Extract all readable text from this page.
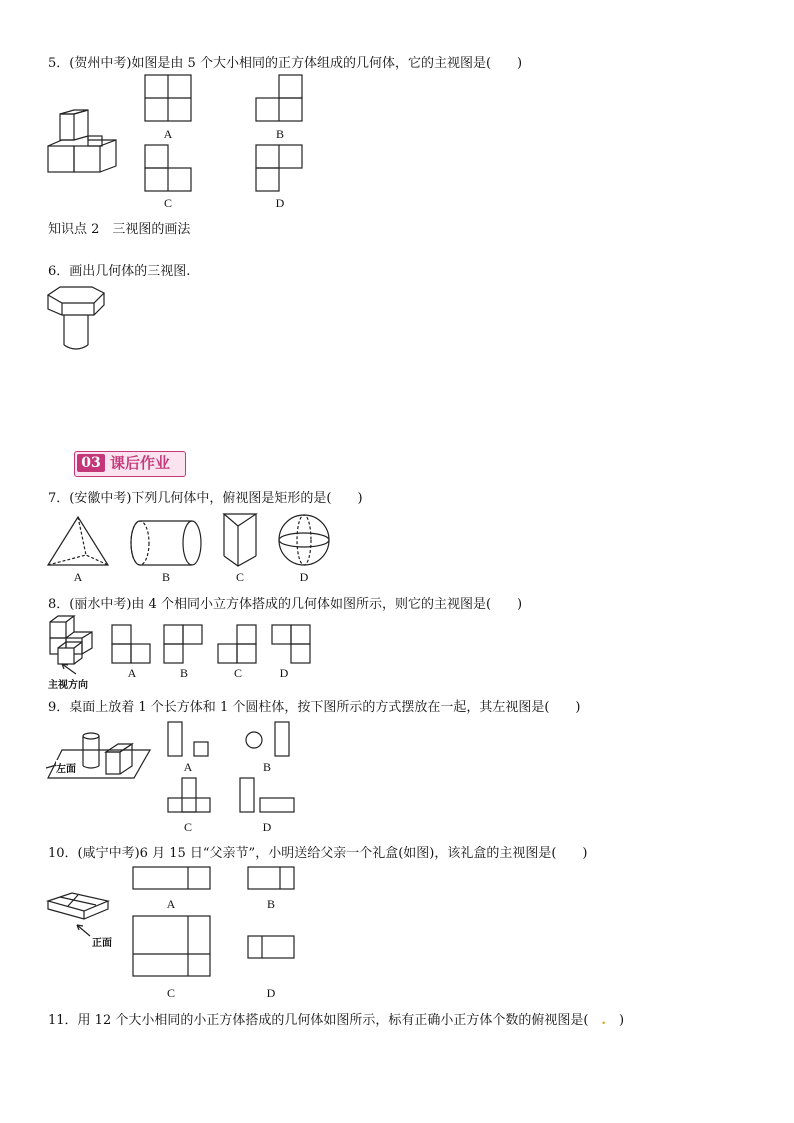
5．(贺州中考)如图是由 5 个大小相同的正方体组成的几何体，它的主视图是(　　)
A	B
C	D
知识点 2　三视图的画法
6．画出几何体的三视图.
03 课后作业
7．(安徽中考)下列几何体中，俯视图是矩形的是(　　)
A	B	C	D
8．(丽水中考)由 4 个相同小立方体搭成的几何体如图所示，则它的主视图是(　　)
主视方向
A	B	C	D
9．桌面上放着 1 个长方体和 1 个圆柱体，按下图所示的方式摆放在一起，其左视图是(　　)
左面	A	B
C	D
10．(咸宁中考)6 月 15 日“父亲节”，小明送给父亲一个礼盒(如图)，该礼盒的主视图是(　　)
正面
A	B
C	D
11．用 12 个大小相同的小正方体搭成的几何体如图所示，标有正确小正方体个数的俯视图是(　.　)
